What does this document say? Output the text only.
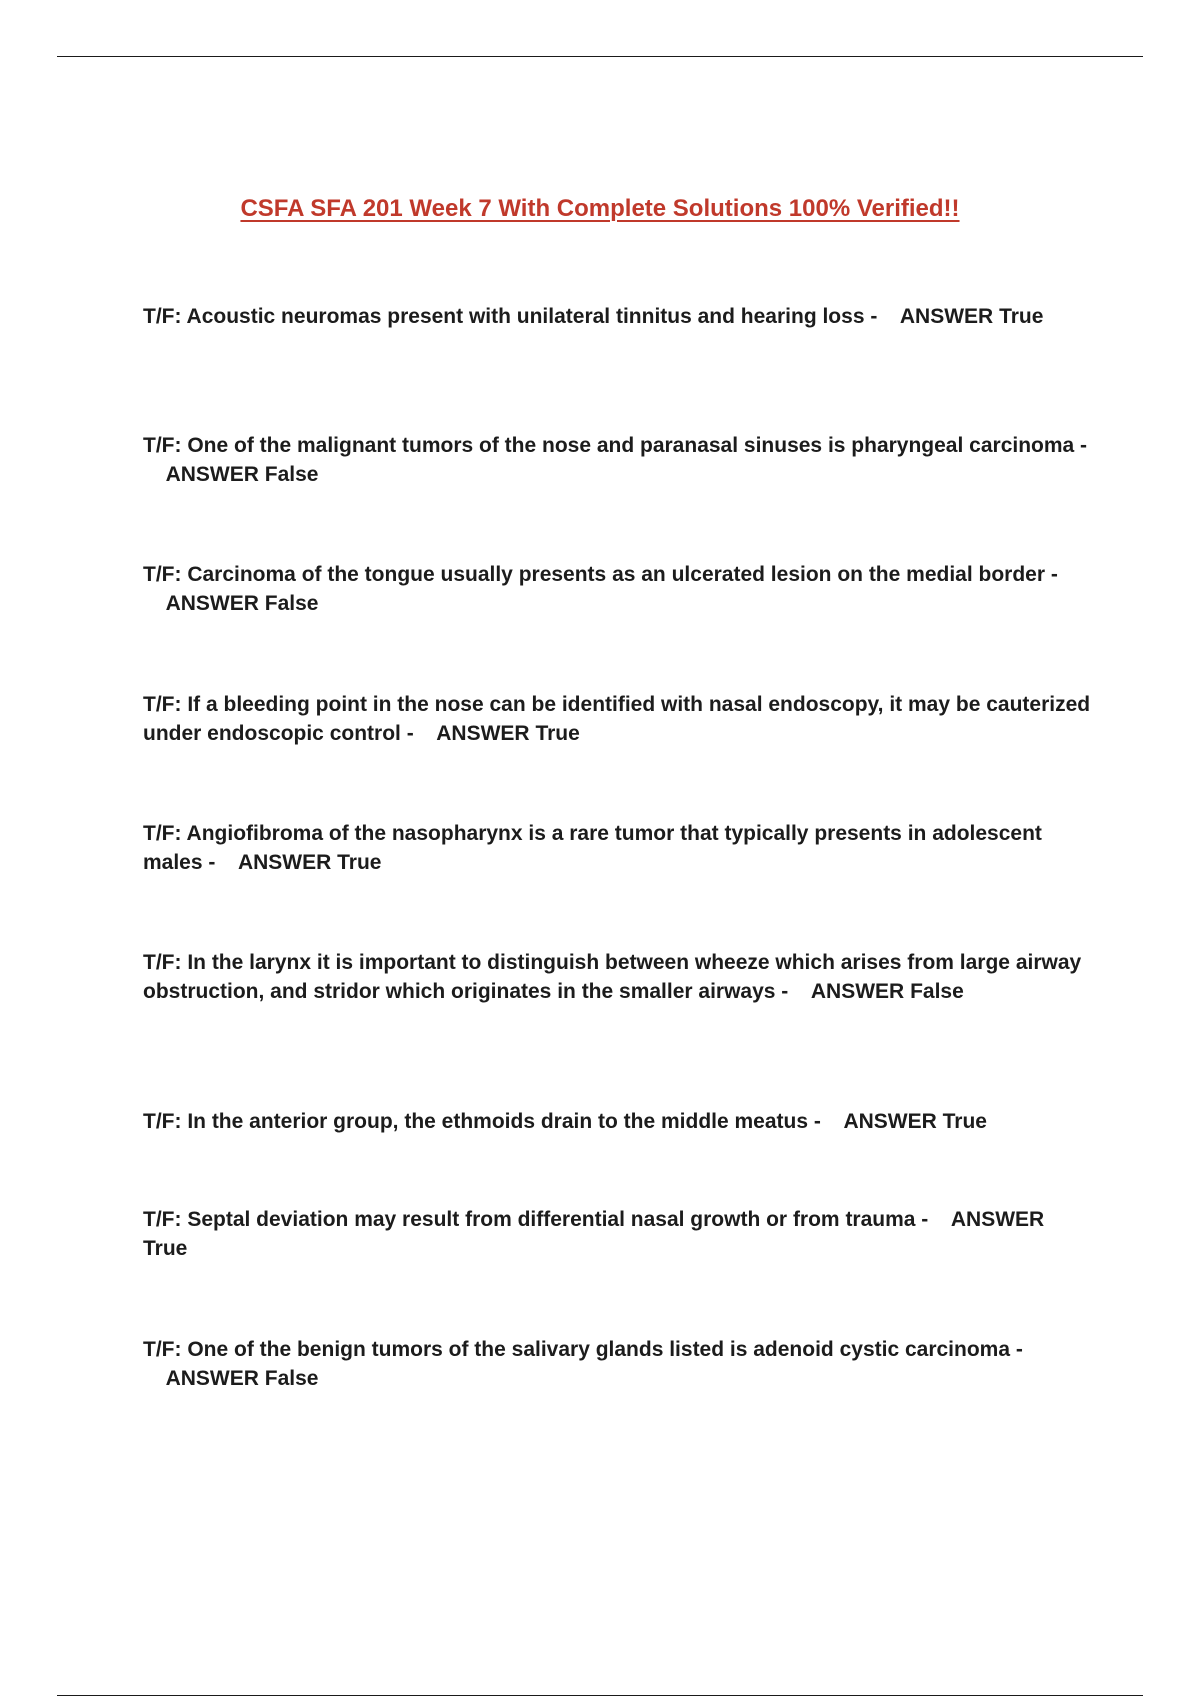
CSFA SFA 201 Week 7 With Complete Solutions 100% Verified!!

T/F: Acoustic neuromas present with unilateral tinnitus and hearing loss - ANSWER True

T/F: One of the malignant tumors of the nose and paranasal sinuses is pharyngeal carcinoma -    ANSWER False

T/F: Carcinoma of the tongue usually presents as an ulcerated lesion on the medial border -    ANSWER False

T/F: If a bleeding point in the nose can be identified with nasal endoscopy, it may be cauterized under endoscopic control - ANSWER True

T/F: Angiofibroma of the nasopharynx is a rare tumor that typically presents in adolescent males - ANSWER True

T/F: In the larynx it is important to distinguish between wheeze which arises from large airway obstruction, and stridor which originates in the smaller airways - ANSWER False

T/F: In the anterior group, the ethmoids drain to the middle meatus - ANSWER True

T/F: Septal deviation may result from differential nasal growth or from trauma - ANSWER True

T/F: One of the benign tumors of the salivary glands listed is adenoid cystic carcinoma -    ANSWER False
